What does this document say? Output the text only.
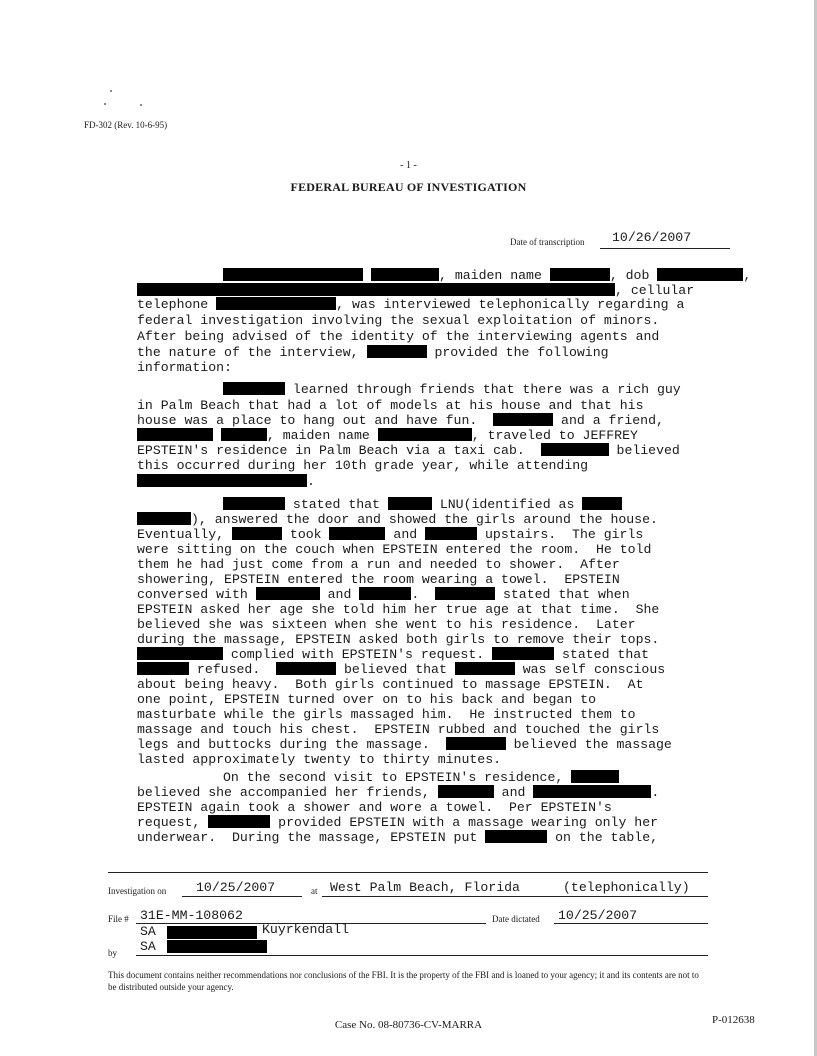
FD-302 (Rev. 10-6-95)
- 1 -
FEDERAL BUREAU OF INVESTIGATION
Date of transcription 10/26/2007
, maiden name	, dob	,
, cellular
telephone	, was interviewed telephonically regarding a
federal investigation involving the sexual exploitation of minors.
After being advised of the identity of the interviewing agents and
the nature of the interview,	provided the following
information:
learned through friends that there was a rich guy
in Palm Beach that had a lot of models at his house and that his
house was a place to hang out and have fun.	and a friend,
, maiden name	, traveled to JEFFREY
EPSTEIN's residence in Palm Beach via a taxi cab.	believed
this occurred during her 10th grade year, while attending
.
stated that	LNU(identified as
), answered the door and showed the girls around the house.
Eventually,	took	and	upstairs.  The girls
were sitting on the couch when EPSTEIN entered the room.  He told
them he had just come from a run and needed to shower.  After
showering, EPSTEIN entered the room wearing a towel.  EPSTEIN
conversed with	and	.	stated that when
EPSTEIN asked her age she told him her true age at that time.  She
believed she was sixteen when she went to his residence.  Later
during the massage, EPSTEIN asked both girls to remove their tops.
complied with EPSTEIN's request.	stated that
refused.	believed that	was self conscious
about being heavy.  Both girls continued to massage EPSTEIN.  At
one point, EPSTEIN turned over on to his back and began to
masturbate while the girls massaged him.  He instructed them to
massage and touch his chest.  EPSTEIN rubbed and touched the girls
legs and buttocks during the massage.	believed the massage
lasted approximately twenty to thirty minutes.
On the second visit to EPSTEIN's residence,
believed she accompanied her friends,	and	.
EPSTEIN again took a shower and wore a towel.  Per EPSTEIN's
request,	provided EPSTEIN with a massage wearing only her
underwear.  During the massage, EPSTEIN put	on the table,
Investigation on 10/25/2007	at West Palm Beach, Florida	(telephonically)
File # 31E-MM-108062	Date dictated 10/25/2007
SA	Kuyrkendall
SA
by
This document contains neither recommendations nor conclusions of the FBI. It is the property of the FBI and is loaned to your agency; it and its contents are not to be distributed outside your agency.
Case No. 08-80736-CV-MARRA	P-012638
